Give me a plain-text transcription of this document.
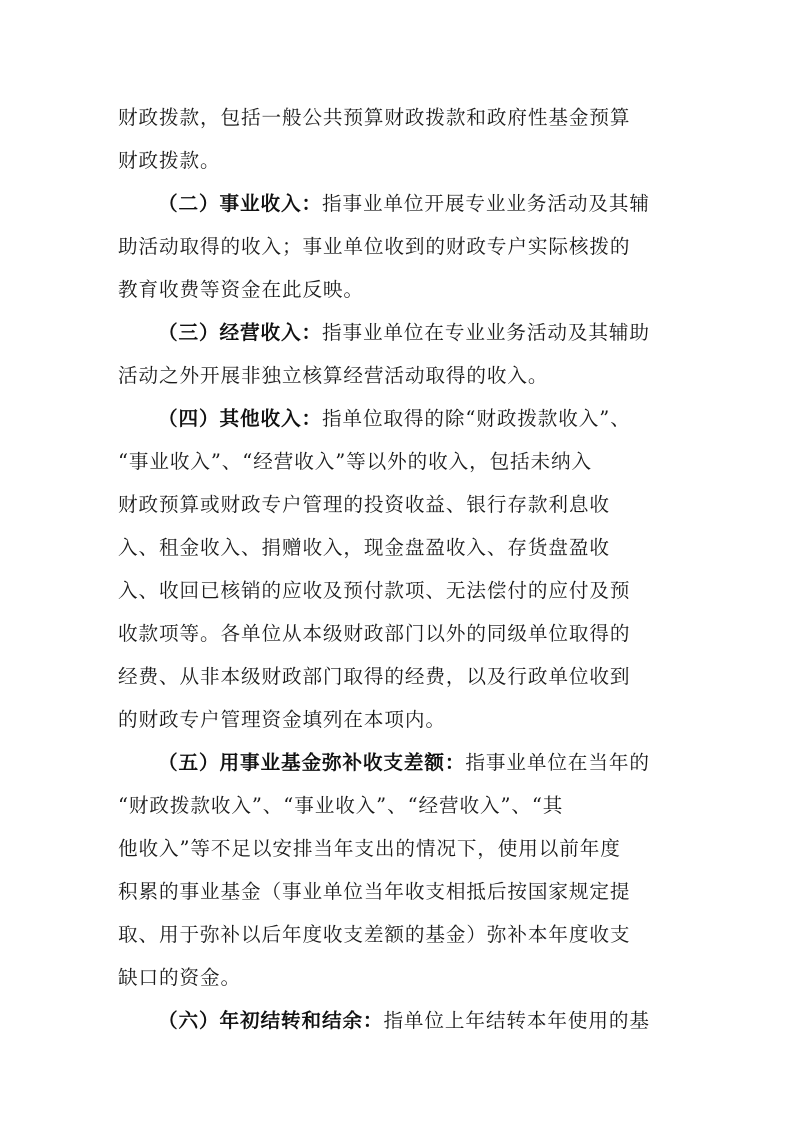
财政拨款，包括一般公共预算财政拨款和政府性基金预算
财政拨款。
（二）事业收入：指事业单位开展专业业务活动及其辅
助活动取得的收入；事业单位收到的财政专户实际核拨的
教育收费等资金在此反映。
（三）经营收入：指事业单位在专业业务活动及其辅助
活动之外开展非独立核算经营活动取得的收入。
（四）其他收入：指单位取得的除“财政拨款收入”、
“事业收入”、“经营收入”等以外的收入，包括未纳入
财政预算或财政专户管理的投资收益、银行存款利息收
入、租金收入、捐赠收入，现金盘盈收入、存货盘盈收
入、收回已核销的应收及预付款项、无法偿付的应付及预
收款项等。各单位从本级财政部门以外的同级单位取得的
经费、从非本级财政部门取得的经费，以及行政单位收到
的财政专户管理资金填列在本项内。
（五）用事业基金弥补收支差额：指事业单位在当年的
“财政拨款收入”、“事业收入”、“经营收入”、“其
他收入”等不足以安排当年支出的情况下，使用以前年度
积累的事业基金（事业单位当年收支相抵后按国家规定提
取、用于弥补以后年度收支差额的基金）弥补本年度收支
缺口的资金。
（六）年初结转和结余：指单位上年结转本年使用的基
